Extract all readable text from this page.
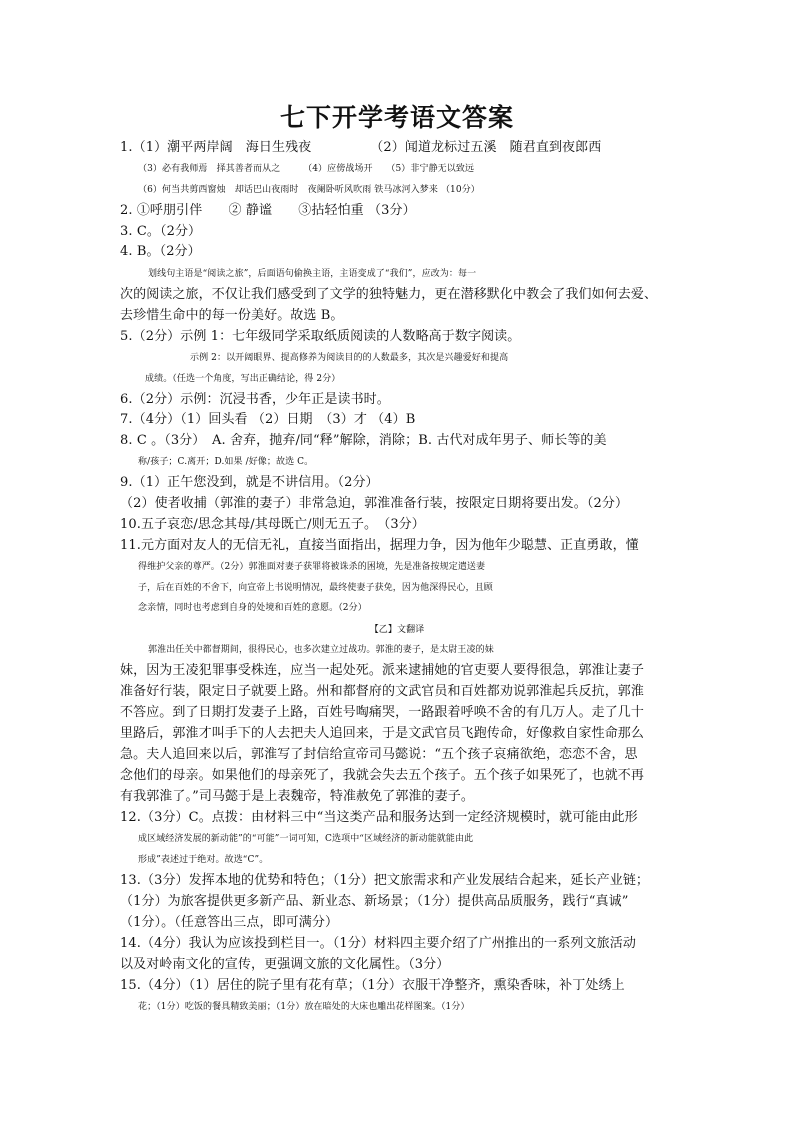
七下开学考语文答案
1.（1）潮平两岸阔　海日生残夜　　　　　（2）闻道龙标过五溪　随君直到夜郎西
（3）必有我师焉　择其善者而从之　　　（4）应傍战场开　　（5）非宁静无以致远
（6）何当共剪西窗烛　却话巴山夜雨时　夜阑卧听风吹雨 铁马冰河入梦来 （10分）
2. ①呼朋引伴　　② 静谧　　③拈轻怕重 （3分）
3. C。（2分）
4. B。（2分）
划线句主语是“阅读之旅”，后面语句偷换主语，主语变成了“我们”，应改为：每一
次的阅读之旅，不仅让我们感受到了文学的独特魅力，更在潜移默化中教会了我们如何去爱、
去珍惜生命中的每一份美好。故选 B。
5.（2分）示例 1：七年级同学采取纸质阅读的人数略高于数字阅读。
示例 2：以开阔眼界、提高修养为阅读目的的人数最多，其次是兴趣爱好和提高
成绩。（任选一个角度，写出正确结论，得 2分）
6.（2分）示例：沉浸书香，少年正是读书时。
7.（4分）（1）回头看 （2）日期　（3）才 （4）B
8. C 。（3分）　A. 舍弃，抛弃/同“释”解除，消除；B. 古代对成年男子、师长等的美
称/孩子；C.离开；D.如果 /好像；故选 C。
9.（1）正午您没到，就是不讲信用。（2分）
（2）使者收捕（郭淮的妻子）非常急迫，郭淮准备行装，按限定日期将要出发。（2分）
10.五子哀恋/思念其母/其母既亡/则无五子。　（3分）
11.元方面对友人的无信无礼，直接当面指出，据理力争，因为他年少聪慧、正直勇敢，懂
得维护父亲的尊严。（2分）郭淮面对妻子获罪将被诛杀的困境，先是准备按规定遣送妻
子，后在百姓的不舍下，向宣帝上书说明情况，最终使妻子获免，因为他深得民心，且顾
念亲情，同时也考虑到自身的处境和百姓的意愿。（2分）
【乙】文翻译
郭淮出任关中都督期间，很得民心，也多次建立过战功。郭淮的妻子，是太尉王凌的妹
妹，因为王凌犯罪事受株连，应当一起处死。派来逮捕她的官吏要人要得很急，郭淮让妻子
准备好行装，限定日子就要上路。州和都督府的文武官员和百姓都劝说郭淮起兵反抗，郭淮
不答应。到了日期打发妻子上路，百姓号啕痛哭，一路跟着呼唤不舍的有几万人。走了几十
里路后，郭淮才叫手下的人去把夫人追回来，于是文武官员飞跑传命，好像救自家性命那么
急。夫人追回来以后，郭淮写了封信给宣帝司马懿说：“五个孩子哀痛欲绝，恋恋不舍，思
念他们的母亲。如果他们的母亲死了，我就会失去五个孩子。五个孩子如果死了，也就不再
有我郭淮了。”司马懿于是上表魏帝，特准赦免了郭淮的妻子。
12.（3分）C。点拨：由材料三中“当这类产品和服务达到一定经济规模时，就可能由此形
成区域经济发展的新动能”的“可能”一词可知，C选项中“区域经济的新动能就能由此
形成”表述过于绝对。故选“C”。
13.（3分）发挥本地的优势和特色；（1分）把文旅需求和产业发展结合起来，延长产业链；
（1分）为旅客提供更多新产品、新业态、新场景；（1分）提供高品质服务，践行“真诚”
（1分）。（任意答出三点，即可满分）
14.（4分）我认为应该投到栏目一。（1分）材料四主要介绍了广州推出的一系列文旅活动
以及对岭南文化的宣传，更强调文旅的文化属性。（3分）
15.（4分）（1）居住的院子里有花有草；（1分）衣服干净整齐，熏染香味，补丁处绣上
花；（1分）吃饭的餐具精致美丽；（1分）放在暗处的大床也雕出花样图案。（1分）
